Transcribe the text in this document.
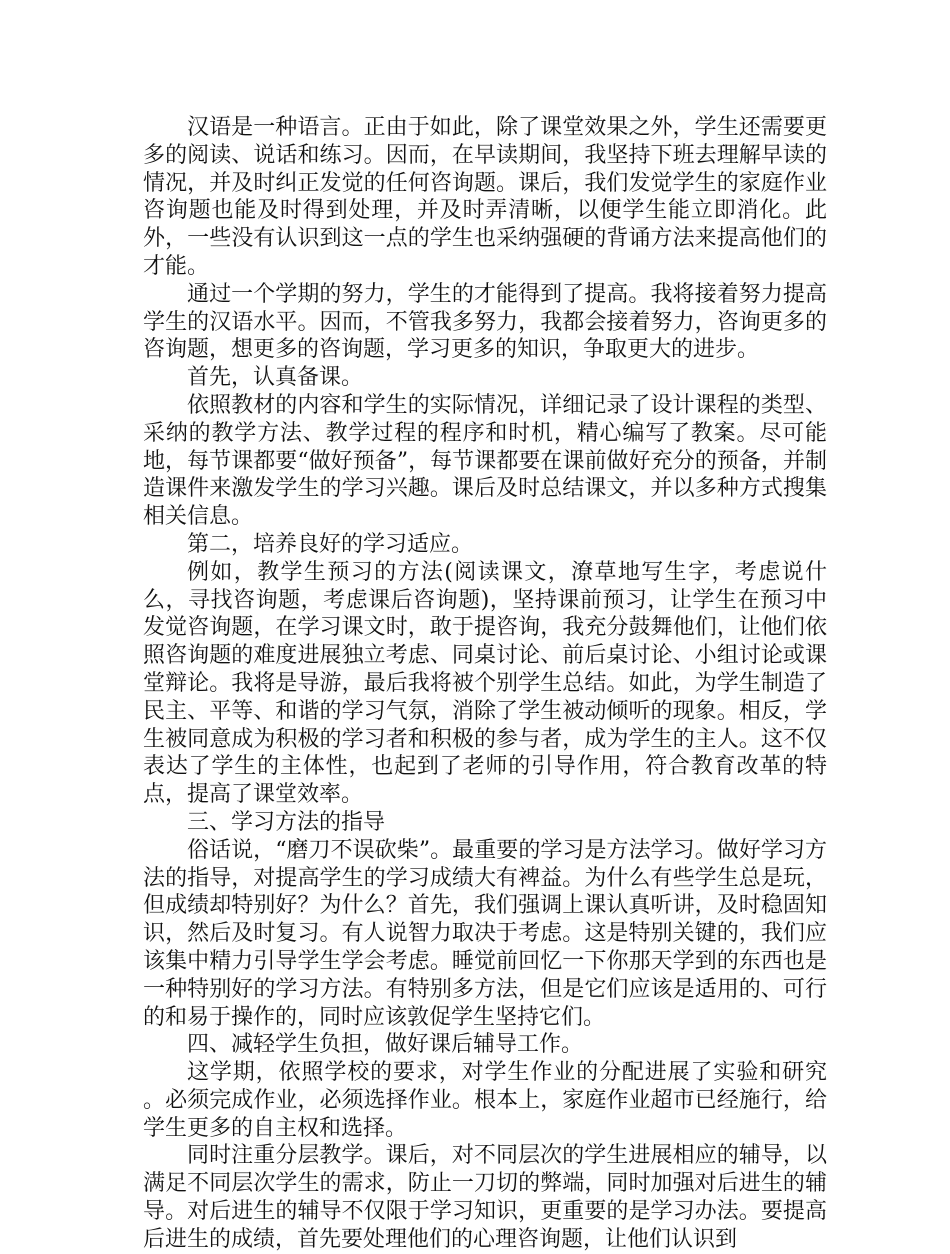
汉语是一种语言。正由于如此，除了课堂效果之外，学生还需要更多的阅读、说话和练习。因而，在早读期间，我坚持下班去理解早读的情况，并及时纠正发觉的任何咨询题。课后，我们发觉学生的家庭作业咨询题也能及时得到处理，并及时弄清晰，以便学生能立即消化。此外，一些没有认识到这一点的学生也采纳强硬的背诵方法来提高他们的才能。

通过一个学期的努力，学生的才能得到了提高。我将接着努力提高学生的汉语水平。因而，不管我多努力，我都会接着努力，咨询更多的咨询题，想更多的咨询题，学习更多的知识，争取更大的进步。

首先，认真备课。

依照教材的内容和学生的实际情况，详细记录了设计课程的类型、采纳的教学方法、教学过程的程序和时机，精心编写了教案。尽可能地，每节课都要“做好预备”，每节课都要在课前做好充分的预备，并制造课件来激发学生的学习兴趣。课后及时总结课文，并以多种方式搜集相关信息。

第二，培养良好的学习适应。

例如，教学生预习的方法(阅读课文，潦草地写生字，考虑说什么，寻找咨询题，考虑课后咨询题)，坚持课前预习，让学生在预习中发觉咨询题，在学习课文时，敢于提咨询，我充分鼓舞他们，让他们依照咨询题的难度进展独立考虑、同桌讨论、前后桌讨论、小组讨论或课堂辩论。我将是导游，最后我将被个别学生总结。如此，为学生制造了民主、平等、和谐的学习气氛，消除了学生被动倾听的现象。相反，学生被同意成为积极的学习者和积极的参与者，成为学生的主人。这不仅表达了学生的主体性，也起到了老师的引导作用，符合教育改革的特点，提高了课堂效率。

三、学习方法的指导

俗话说，“磨刀不误砍柴”。最重要的学习是方法学习。做好学习方法的指导，对提高学生的学习成绩大有裨益。为什么有些学生总是玩，但成绩却特别好？为什么？首先，我们强调上课认真听讲，及时稳固知识，然后及时复习。有人说智力取决于考虑。这是特别关键的，我们应该集中精力引导学生学会考虑。睡觉前回忆一下你那天学到的东西也是一种特别好的学习方法。有特别多方法，但是它们应该是适用的、可行的和易于操作的，同时应该敦促学生坚持它们。

四、减轻学生负担，做好课后辅导工作。

这学期，依照学校的要求，对学生作业的分配进展了实验和研究 。必须完成作业，必须选择作业。根本上，家庭作业超市已经施行，给学生更多的自主权和选择。

同时注重分层教学。课后，对不同层次的学生进展相应的辅导，以满足不同层次学生的需求，防止一刀切的弊端，同时加强对后进生的辅导。对后进生的辅导不仅限于学习知识，更重要的是学习办法。要提高后进生的成绩，首先要处理他们的心理咨询题，让他们认识到
